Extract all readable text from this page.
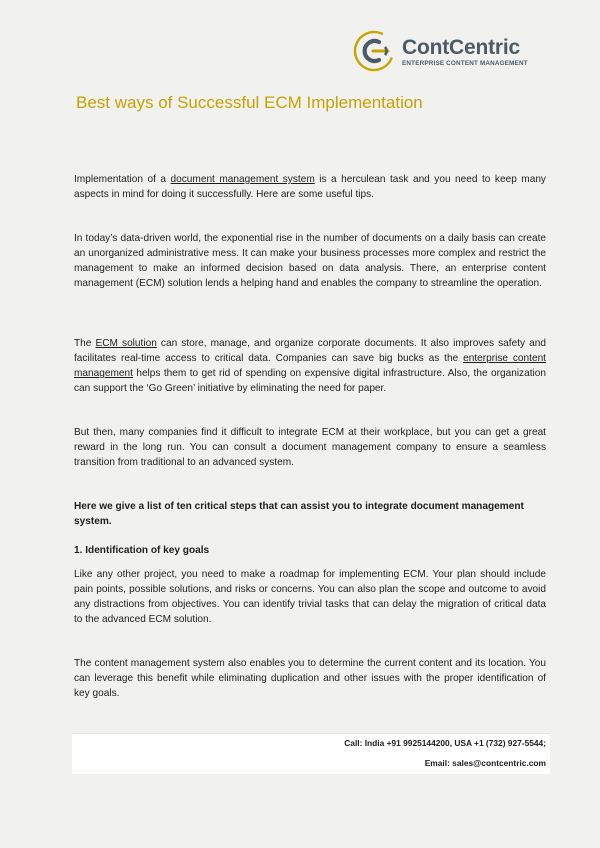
ContCentric
ENTERPRISE CONTENT MANAGEMENT
Best ways of Successful ECM Implementation

Implementation of a document management system is a herculean task and you need to keep many aspects in mind for doing it successfully. Here are some useful tips.

In today’s data-driven world, the exponential rise in the number of documents on a daily basis can create an unorganized administrative mess. It can make your business processes more complex and restrict the management to make an informed decision based on data analysis. There, an enterprise content management (ECM) solution lends a helping hand and enables the company to streamline the operation.

The ECM solution can store, manage, and organize corporate documents. It also improves safety and facilitates real-time access to critical data. Companies can save big bucks as the enterprise content management helps them to get rid of spending on expensive digital infrastructure. Also, the organization can support the ‘Go Green’ initiative by eliminating the need for paper.

But then, many companies find it difficult to integrate ECM at their workplace, but you can get a great reward in the long run. You can consult a document management company to ensure a seamless transition from traditional to an advanced system.

Here we give a list of ten critical steps that can assist you to integrate document management system.

1. Identification of key goals

Like any other project, you need to make a roadmap for implementing ECM. Your plan should include pain points, possible solutions, and risks or concerns. You can also plan the scope and outcome to avoid any distractions from objectives. You can identify trivial tasks that can delay the migration of critical data to the advanced ECM solution.

The content management system also enables you to determine the current content and its location. You can leverage this benefit while eliminating duplication and other issues with the proper identification of key goals.

Call: India +91 9925144200, USA +1 (732) 927-5544;
Email: sales@contcentric.com
